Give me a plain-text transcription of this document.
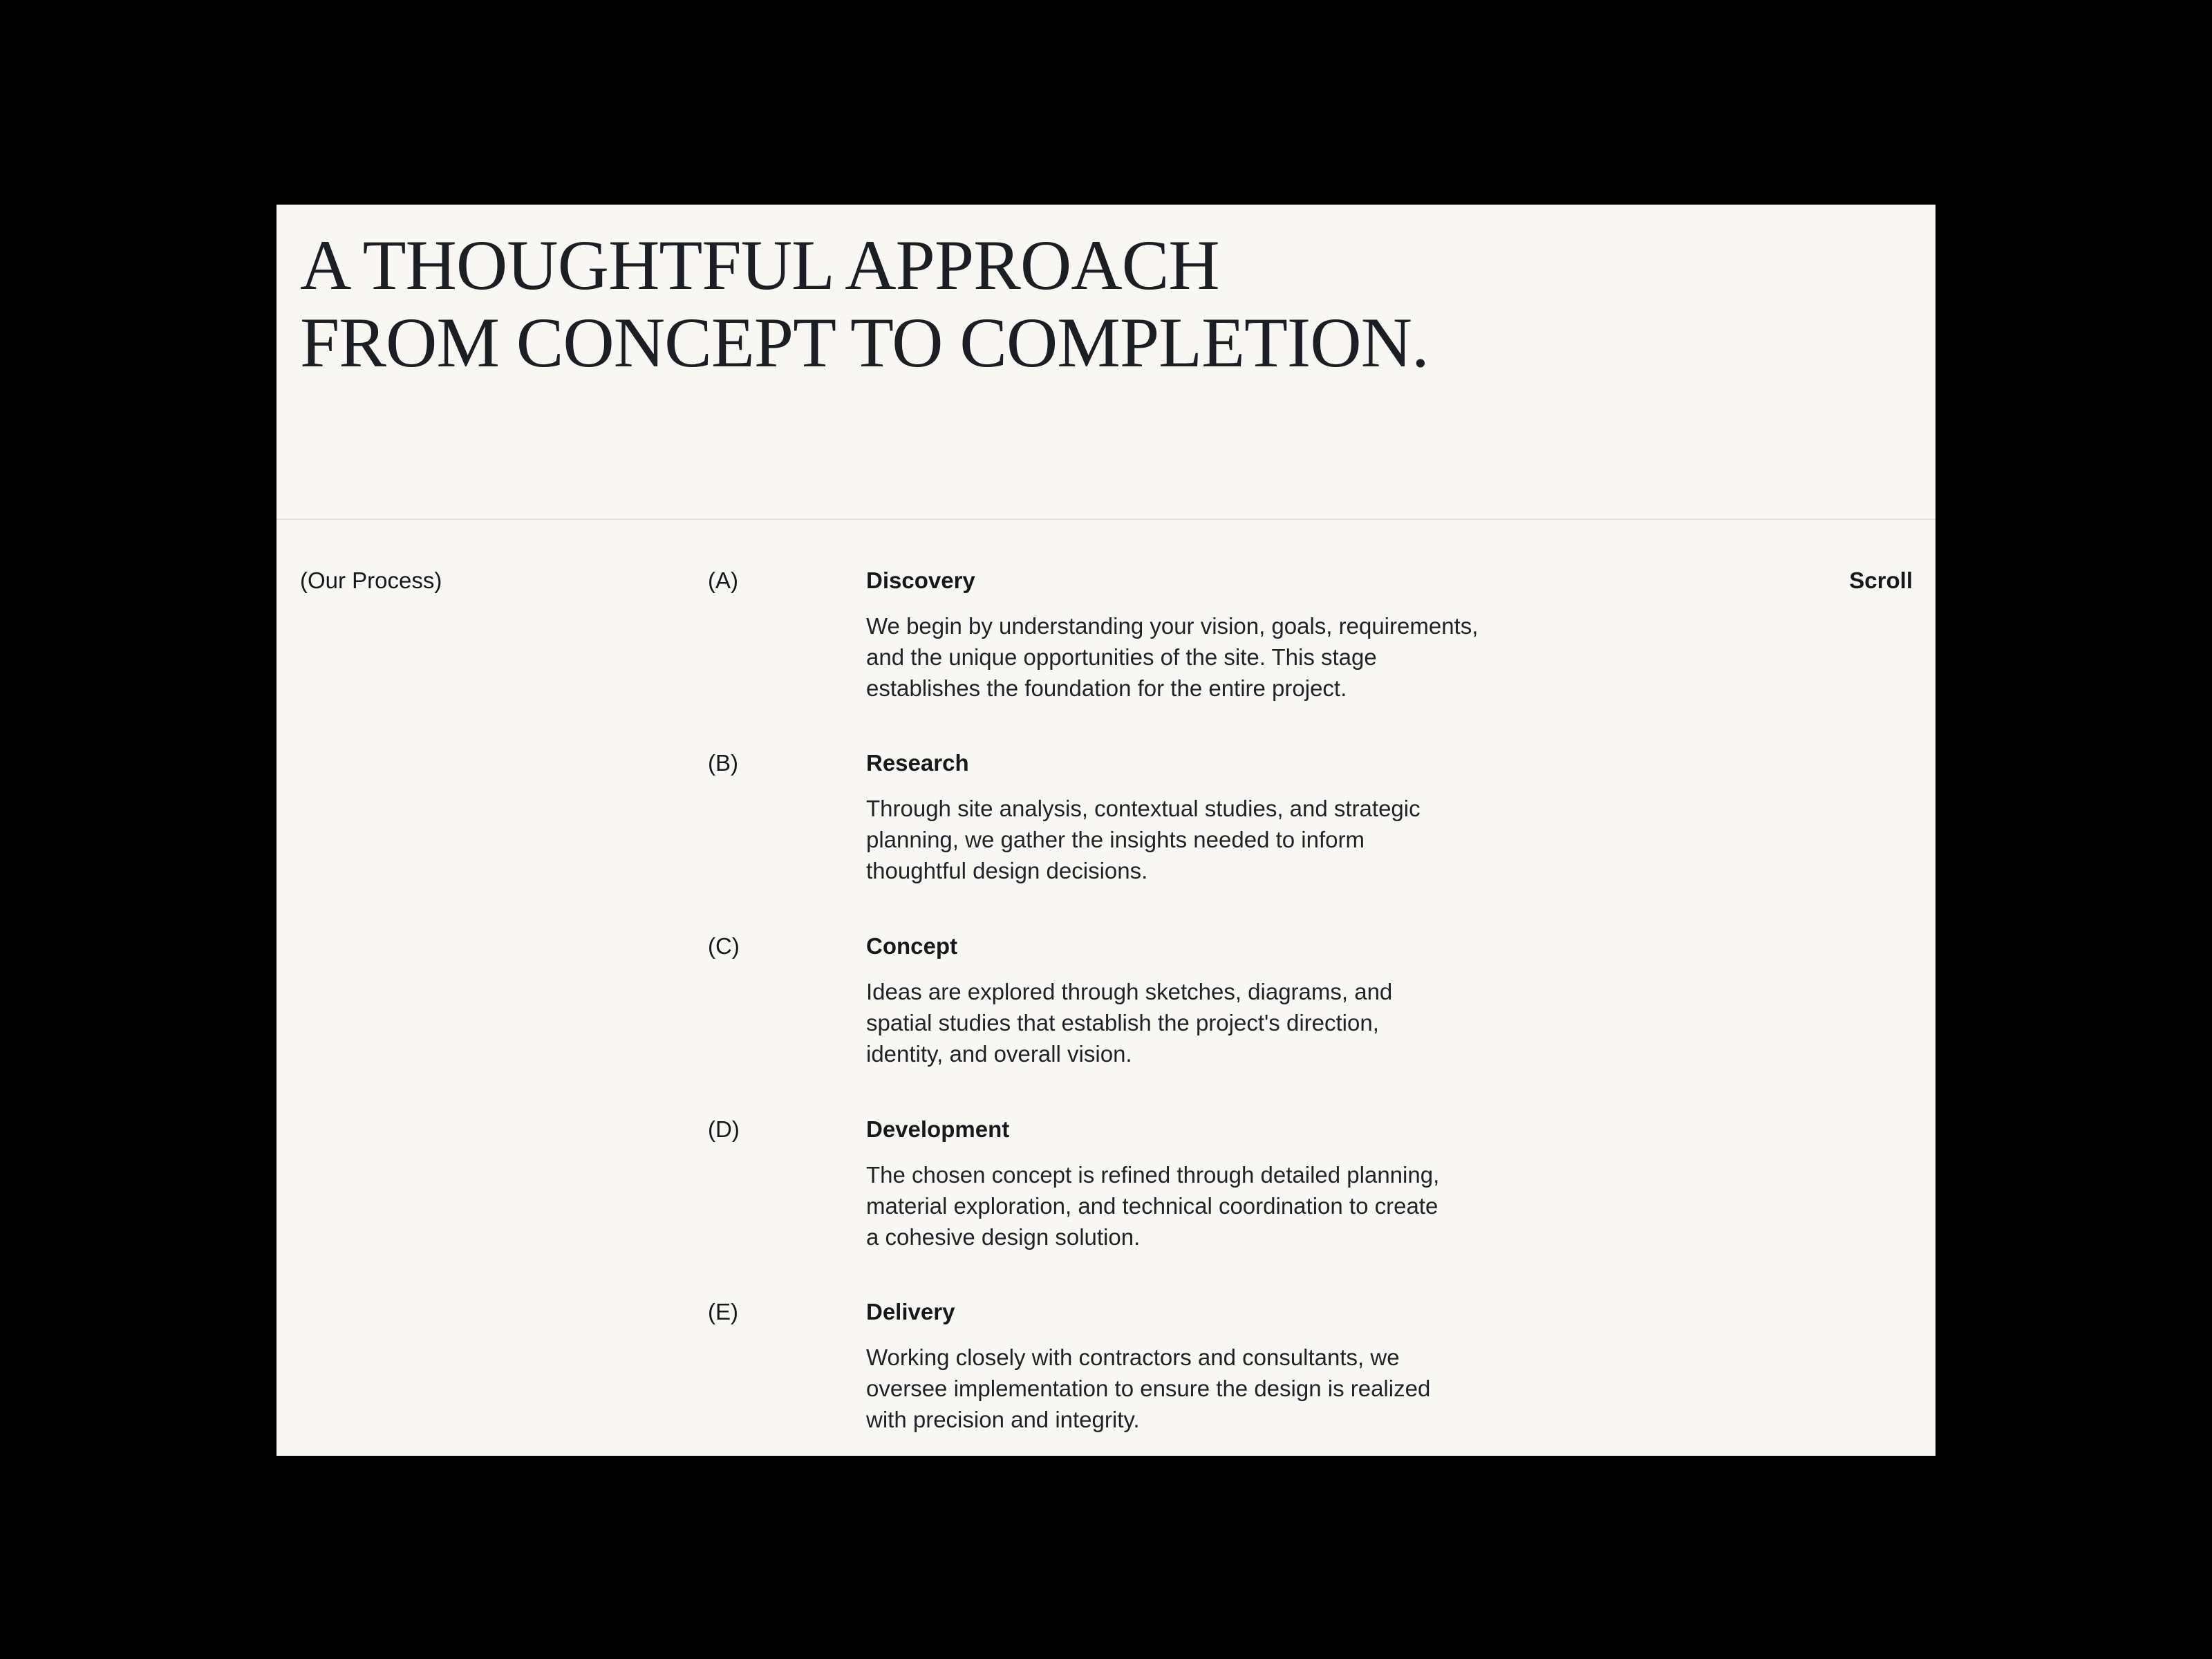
A THOUGHTFUL APPROACH
FROM CONCEPT TO COMPLETION.
(Our Process)	Scroll
(A)	Discovery
We begin by understanding your vision, goals, requirements,
and the unique opportunities of the site. This stage
establishes the foundation for the entire project.
(B)	Research
Through site analysis, contextual studies, and strategic
planning, we gather the insights needed to inform
thoughtful design decisions.
(C)	Concept
Ideas are explored through sketches, diagrams, and
spatial studies that establish the project's direction,
identity, and overall vision.
(D)	Development
The chosen concept is refined through detailed planning,
material exploration, and technical coordination to create
a cohesive design solution.
(E)	Delivery
Working closely with contractors and consultants, we
oversee implementation to ensure the design is realized
with precision and integrity.
